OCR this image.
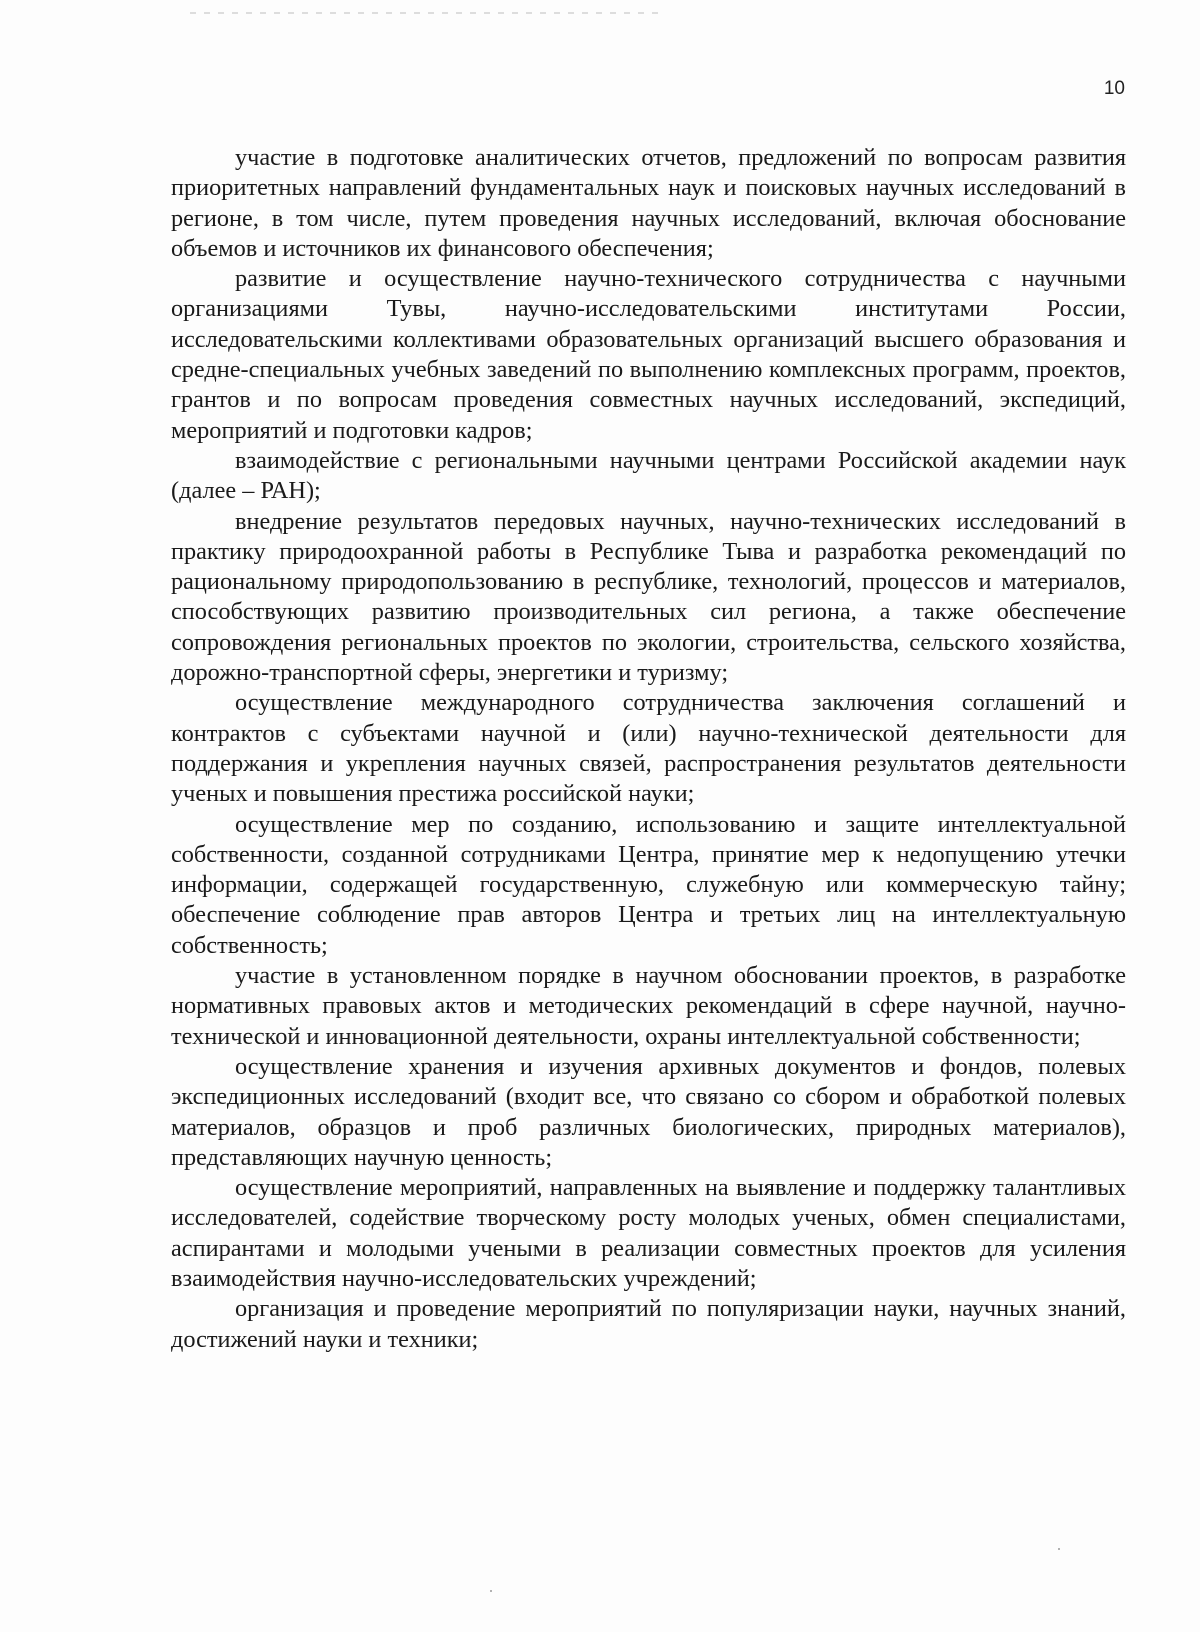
10

участие в подготовке аналитических отчетов, предложений по вопросам развития приоритетных направлений фундаментальных наук и поисковых научных исследований в регионе, в том числе, путем проведения научных исследований, включая обоснование объемов и источников их финансового обеспечения;

развитие и осуществление научно-технического сотрудничества с научными организациями Тувы, научно-исследовательскими институтами России, исследовательскими коллективами образовательных организаций высшего образования и средне-специальных учебных заведений по выполнению комплексных программ, проектов, грантов и по вопросам проведения совместных научных исследований, экспедиций, мероприятий и подготовки кадров;

взаимодействие с региональными научными центрами Российской академии наук (далее – РАН);

внедрение результатов передовых научных, научно-технических исследований в практику природоохранной работы в Республике Тыва и разработка рекомендаций по рациональному природопользованию в республике, технологий, процессов и материалов, способствующих развитию производительных сил региона, а также обеспечение сопровождения региональных проектов по экологии, строительства, сельского хозяйства, дорожно-транспортной сферы, энергетики и туризму;

осуществление международного сотрудничества заключения соглашений и контрактов с субъектами научной и (или) научно-технической деятельности для поддержания и укрепления научных связей, распространения результатов деятельности ученых и повышения престижа российской науки;

осуществление мер по созданию, использованию и защите интеллектуальной собственности, созданной сотрудниками Центра, принятие мер к недопущению утечки информации, содержащей государственную, служебную или коммерческую тайну; обеспечение соблюдение прав авторов Центра и третьих лиц на интеллектуальную собственность;

участие в установленном порядке в научном обосновании проектов, в разработке нормативных правовых актов и методических рекомендаций в сфере научной, научно-технической и инновационной деятельности, охраны интеллектуальной собственности;

осуществление хранения и изучения архивных документов и фондов, полевых экспедиционных исследований (входит все, что связано со сбором и обработкой полевых материалов, образцов и проб различных биологических, природных материалов), представляющих научную ценность;

осуществление мероприятий, направленных на выявление и поддержку талантливых исследователей, содействие творческому росту молодых ученых, обмен специалистами, аспирантами и молодыми учеными в реализации совместных проектов для усиления взаимодействия научно-исследовательских учреждений;

организация и проведение мероприятий по популяризации науки, научных знаний, достижений науки и техники;
